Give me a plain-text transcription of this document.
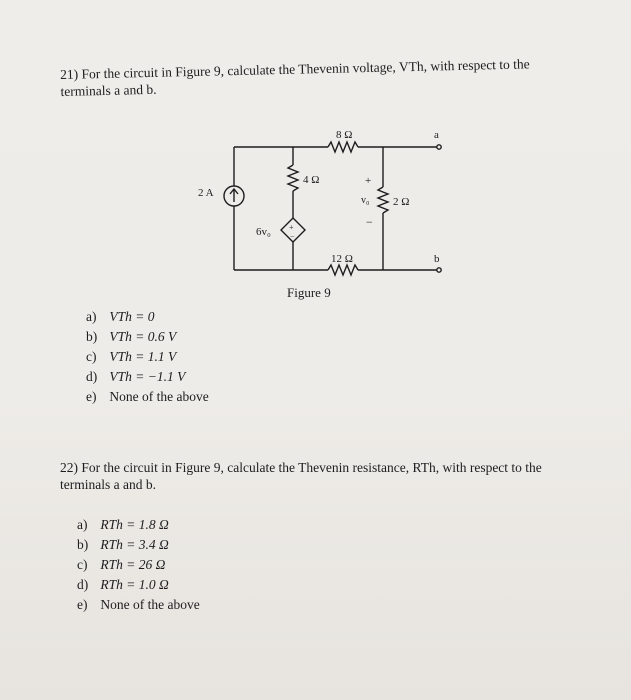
21) For the circuit in Figure 9, calculate the Thevenin voltage, VTh, with respect to the terminals a and b.
8 Ω
4 Ω
2 Ω
12 Ω
2 A
6v₀
v₀
+
−
+
−
a
b
Figure 9
a) VTh = 0
b) VTh = 0.6 V
c) VTh = 1.1 V
d) VTh = −1.1 V
e) None of the above
22) For the circuit in Figure 9, calculate the Thevenin resistance, RTh, with respect to the terminals a and b.
a) RTh = 1.8 Ω
b) RTh = 3.4 Ω
c) RTh = 26 Ω
d) RTh = 1.0 Ω
e) None of the above
